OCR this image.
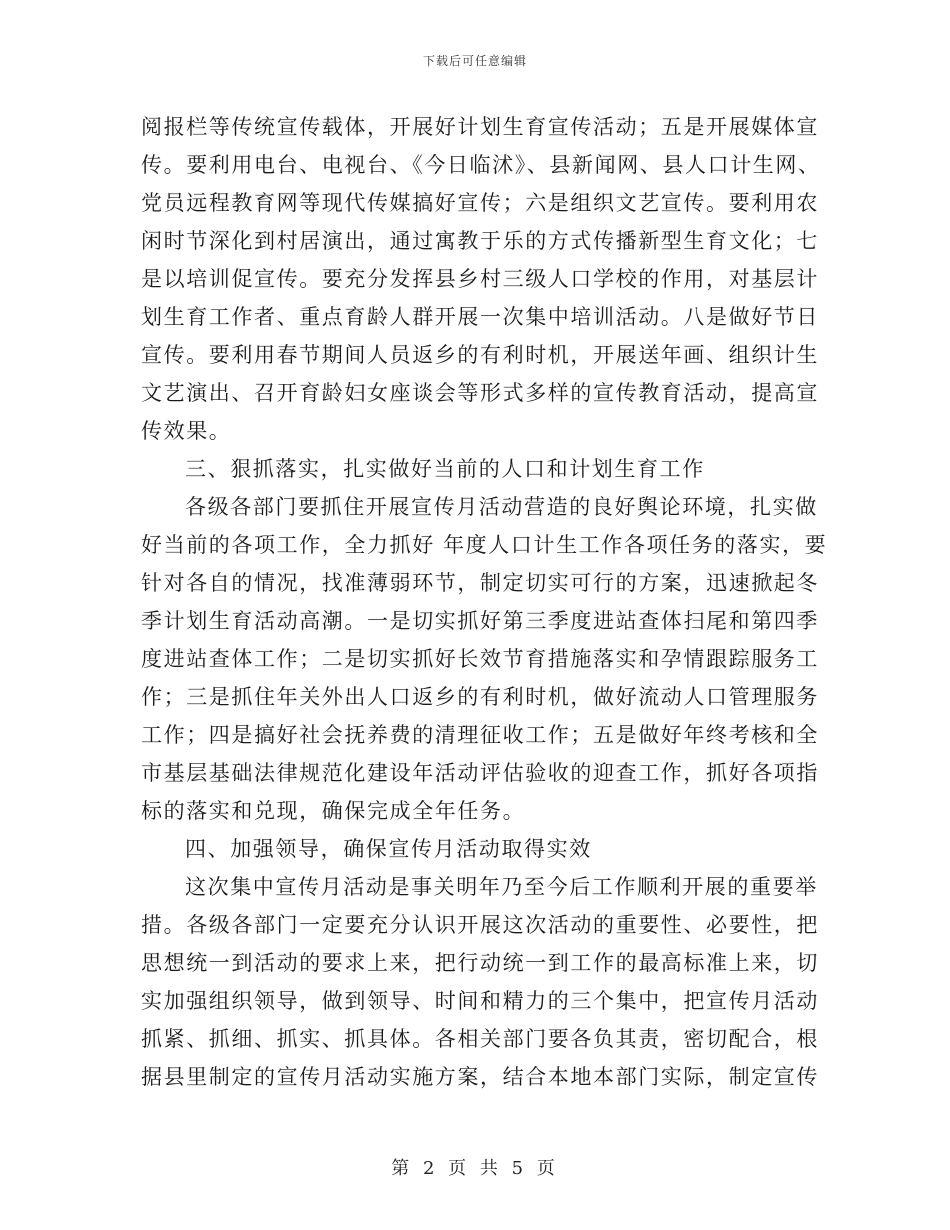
下载后可任意编辑
阅报栏等传统宣传载体，开展好计划生育宣传活动；五是开展媒体宣
传。要利用电台、电视台、《今日临沭》、县新闻网、县人口计生网、
党员远程教育网等现代传媒搞好宣传；六是组织文艺宣传。要利用农
闲时节深化到村居演出，通过寓教于乐的方式传播新型生育文化；七
是以培训促宣传。要充分发挥县乡村三级人口学校的作用，对基层计
划生育工作者、重点育龄人群开展一次集中培训活动。八是做好节日
宣传。要利用春节期间人员返乡的有利时机，开展送年画、组织计生
文艺演出、召开育龄妇女座谈会等形式多样的宣传教育活动，提高宣
传效果。
三、狠抓落实，扎实做好当前的人口和计划生育工作
各级各部门要抓住开展宣传月活动营造的良好舆论环境，扎实做
好当前的各项工作，全力抓好 年度人口计生工作各项任务的落实，要
针对各自的情况，找准薄弱环节，制定切实可行的方案，迅速掀起冬
季计划生育活动高潮。一是切实抓好第三季度进站查体扫尾和第四季
度进站查体工作；二是切实抓好长效节育措施落实和孕情跟踪服务工
作；三是抓住年关外出人口返乡的有利时机，做好流动人口管理服务
工作；四是搞好社会抚养费的清理征收工作；五是做好年终考核和全
市基层基础法律规范化建设年活动评估验收的迎查工作，抓好各项指
标的落实和兑现，确保完成全年任务。
四、加强领导，确保宣传月活动取得实效
这次集中宣传月活动是事关明年乃至今后工作顺利开展的重要举
措。各级各部门一定要充分认识开展这次活动的重要性、必要性，把
思想统一到活动的要求上来，把行动统一到工作的最高标准上来，切
实加强组织领导，做到领导、时间和精力的三个集中，把宣传月活动
抓紧、抓细、抓实、抓具体。各相关部门要各负其责，密切配合，根
据县里制定的宣传月活动实施方案，结合本地本部门实际，制定宣传
第 2 页 共 5 页
